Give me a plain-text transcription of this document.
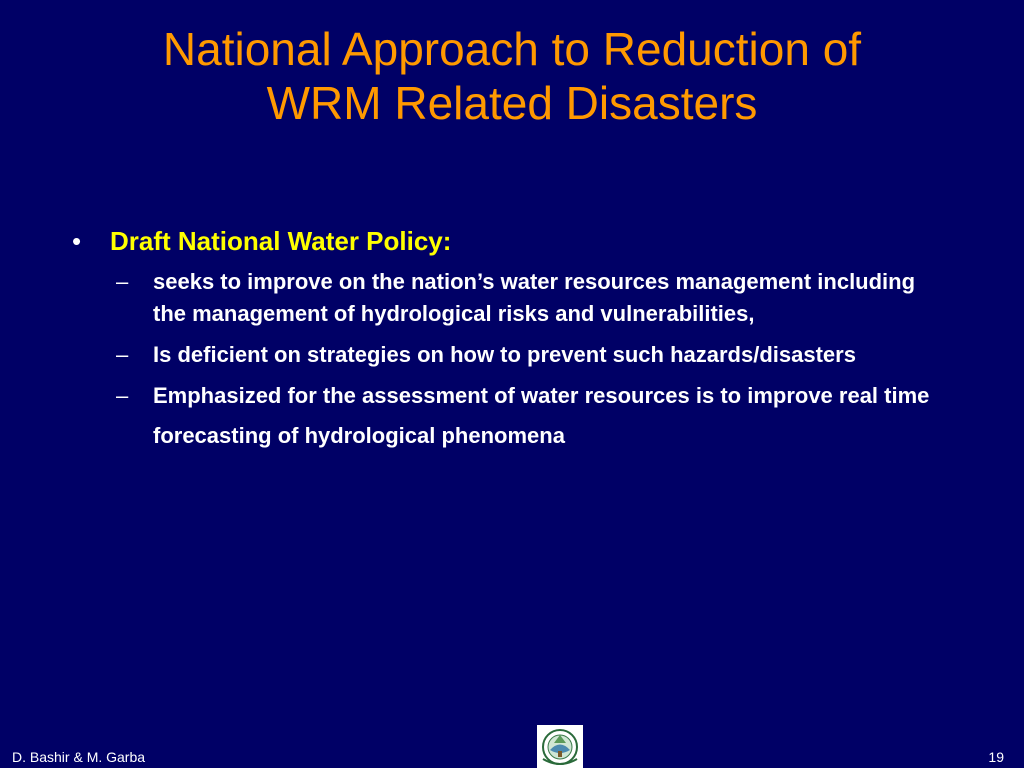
National Approach to Reduction of
WRM Related Disasters
•	Draft National Water Policy:
–	seeks to improve on the nation’s water resources management including the management of hydrological risks and vulnerabilities,
–	Is deficient on strategies on how to prevent such hazards/disasters
–	Emphasized for the assessment of water resources is to improve real time forecasting of hydrological phenomena
D. Bashir & M. Garba	19
